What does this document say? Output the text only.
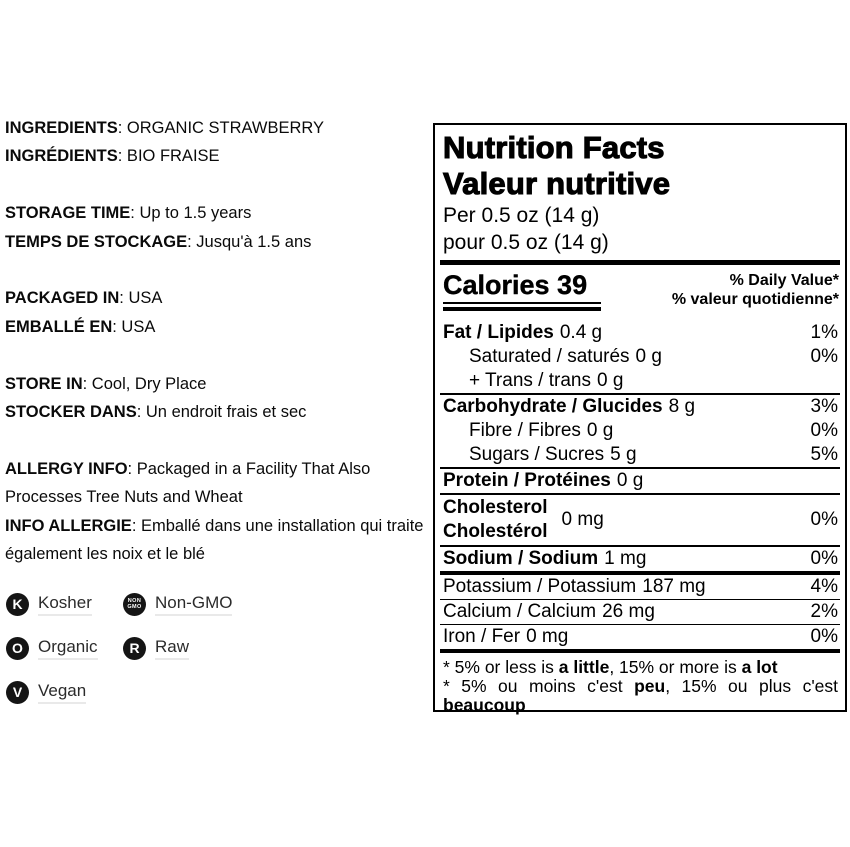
INGREDIENTS: ORGANIC STRAWBERRY
INGRÉDIENTS: BIO FRAISE
STORAGE TIME: Up to 1.5 years
TEMPS DE STOCKAGE: Jusqu'à 1.5 ans
PACKAGED IN: USA
EMBALLÉ EN: USA
STORE IN: Cool, Dry Place
STOCKER DANS: Un endroit frais et sec
ALLERGY INFO: Packaged in a Facility That Also Processes Tree Nuts and Wheat
INFO ALLERGIE: Emballé dans une installation qui traite également les noix et le blé
K Kosher	NON
GMO Non-GMO
O Organic	R Raw
V Vegan
Nutrition Facts
Valeur nutritive
Per 0.5 oz (14 g)
pour 0.5 oz (14 g)
Calories 39	% Daily Value*
% valeur quotidienne*
Fat / Lipides 0.4 g	1%
Saturated / saturés 0 g	0%
+ Trans / trans 0 g
Carbohydrate / Glucides 8 g	3%
Fibre / Fibres 0 g	0%
Sugars / Sucres 5 g	5%
Protein / Protéines 0 g
Cholesterol
Cholestérol
0 mg	0%
Sodium / Sodium 1 mg	0%
Potassium / Potassium 187 mg	4%
Calcium / Calcium 26 mg	2%
Iron / Fer 0 mg	0%
* 5% or less is a little, 15% or more is a lot
* 5% ou moins c'est peu, 15% ou plus c'est beaucoup
